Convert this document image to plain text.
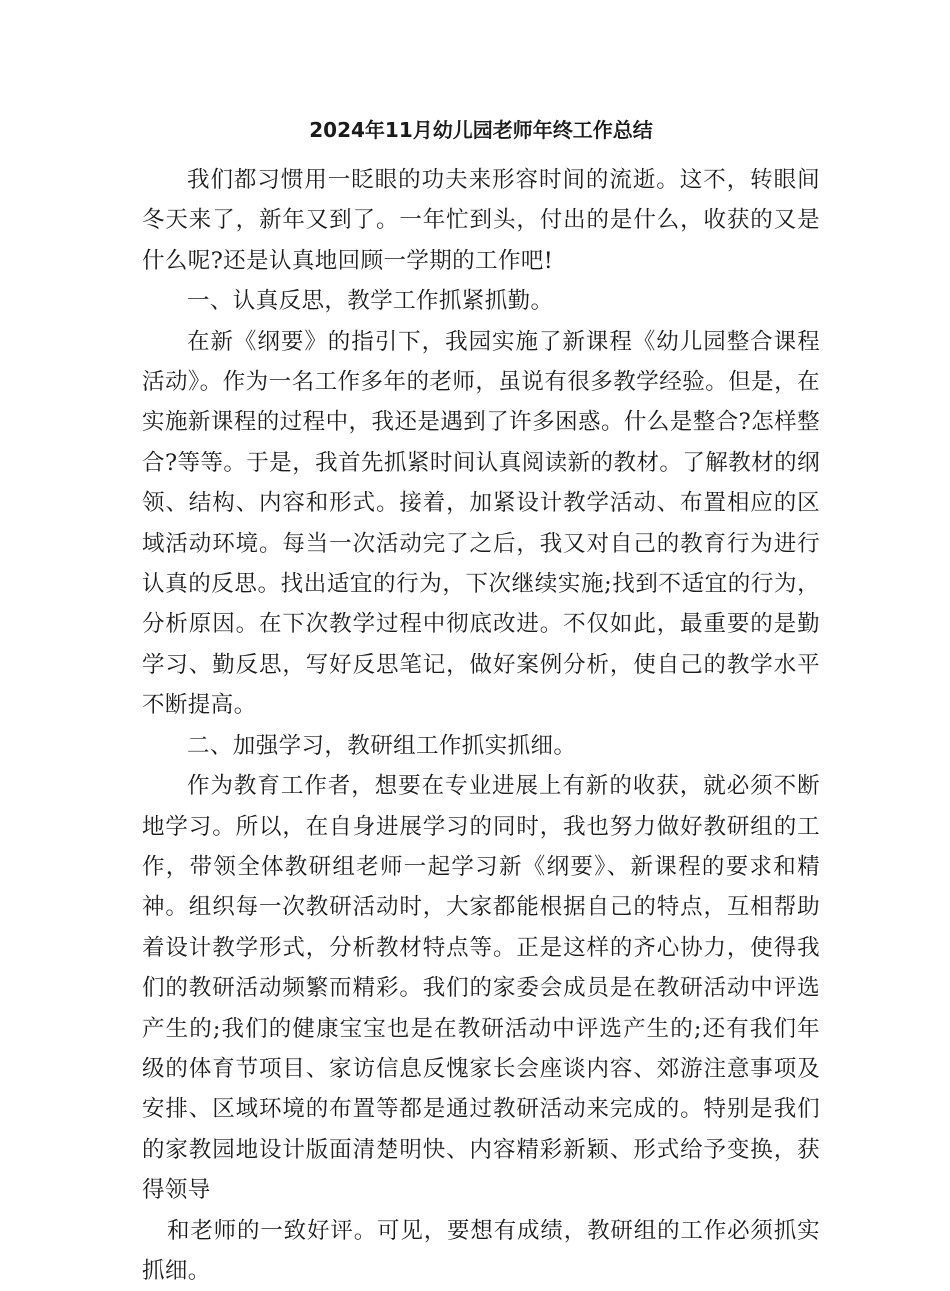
2024年11月幼儿园老师年终工作总结

我们都习惯用一眨眼的功夫来形容时间的流逝。这不，转眼间冬天来了，新年又到了。一年忙到头，付出的是什么，收获的又是什么呢?还是认真地回顾一学期的工作吧!

一、认真反思，教学工作抓紧抓勤。

在新《纲要》的指引下，我园实施了新课程《幼儿园整合课程活动》。作为一名工作多年的老师，虽说有很多教学经验。但是，在实施新课程的过程中，我还是遇到了许多困惑。什么是整合?怎样整合?等等。于是，我首先抓紧时间认真阅读新的教材。了解教材的纲领、结构、内容和形式。接着，加紧设计教学活动、布置相应的区域活动环境。每当一次活动完了之后，我又对自己的教育行为进行认真的反思。找出适宜的行为，下次继续实施;找到不适宜的行为，分析原因。在下次教学过程中彻底改进。不仅如此，最重要的是勤学习、勤反思，写好反思笔记，做好案例分析，使自己的教学水平不断提高。

二、加强学习，教研组工作抓实抓细。

作为教育工作者，想要在专业进展上有新的收获，就必须不断地学习。所以，在自身进展学习的同时，我也努力做好教研组的工作，带领全体教研组老师一起学习新《纲要》、新课程的要求和精神。组织每一次教研活动时，大家都能根据自己的特点，互相帮助着设计教学形式，分析教材特点等。正是这样的齐心协力，使得我们的教研活动频繁而精彩。我们的家委会成员是在教研活动中评选产生的;我们的健康宝宝也是在教研活动中评选产生的;还有我们年级的体育节项目、家访信息反愧家长会座谈内容、郊游注意事项及安排、区域环境的布置等都是通过教研活动来完成的。特别是我们的家教园地设计版面清楚明快、内容精彩新颖、形式给予变换，获得领导

和老师的一致好评。可见，要想有成绩，教研组的工作必须抓实抓细。
